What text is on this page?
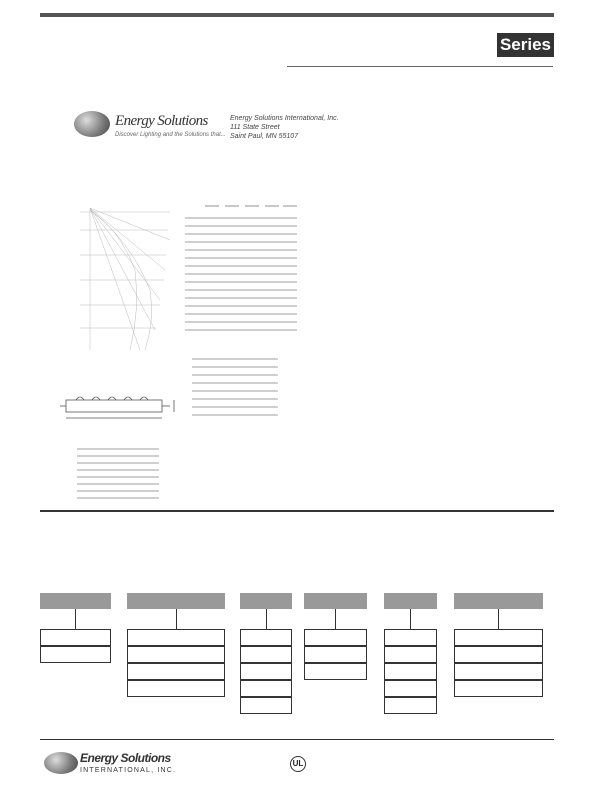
Series
Energy Solutions
Discover Lighting and the Solutions that...
Energy Solutions International, Inc.
111 State Street
Saint Paul, MN 55107
Energy Solutions
INTERNATIONAL, INC.
UL
